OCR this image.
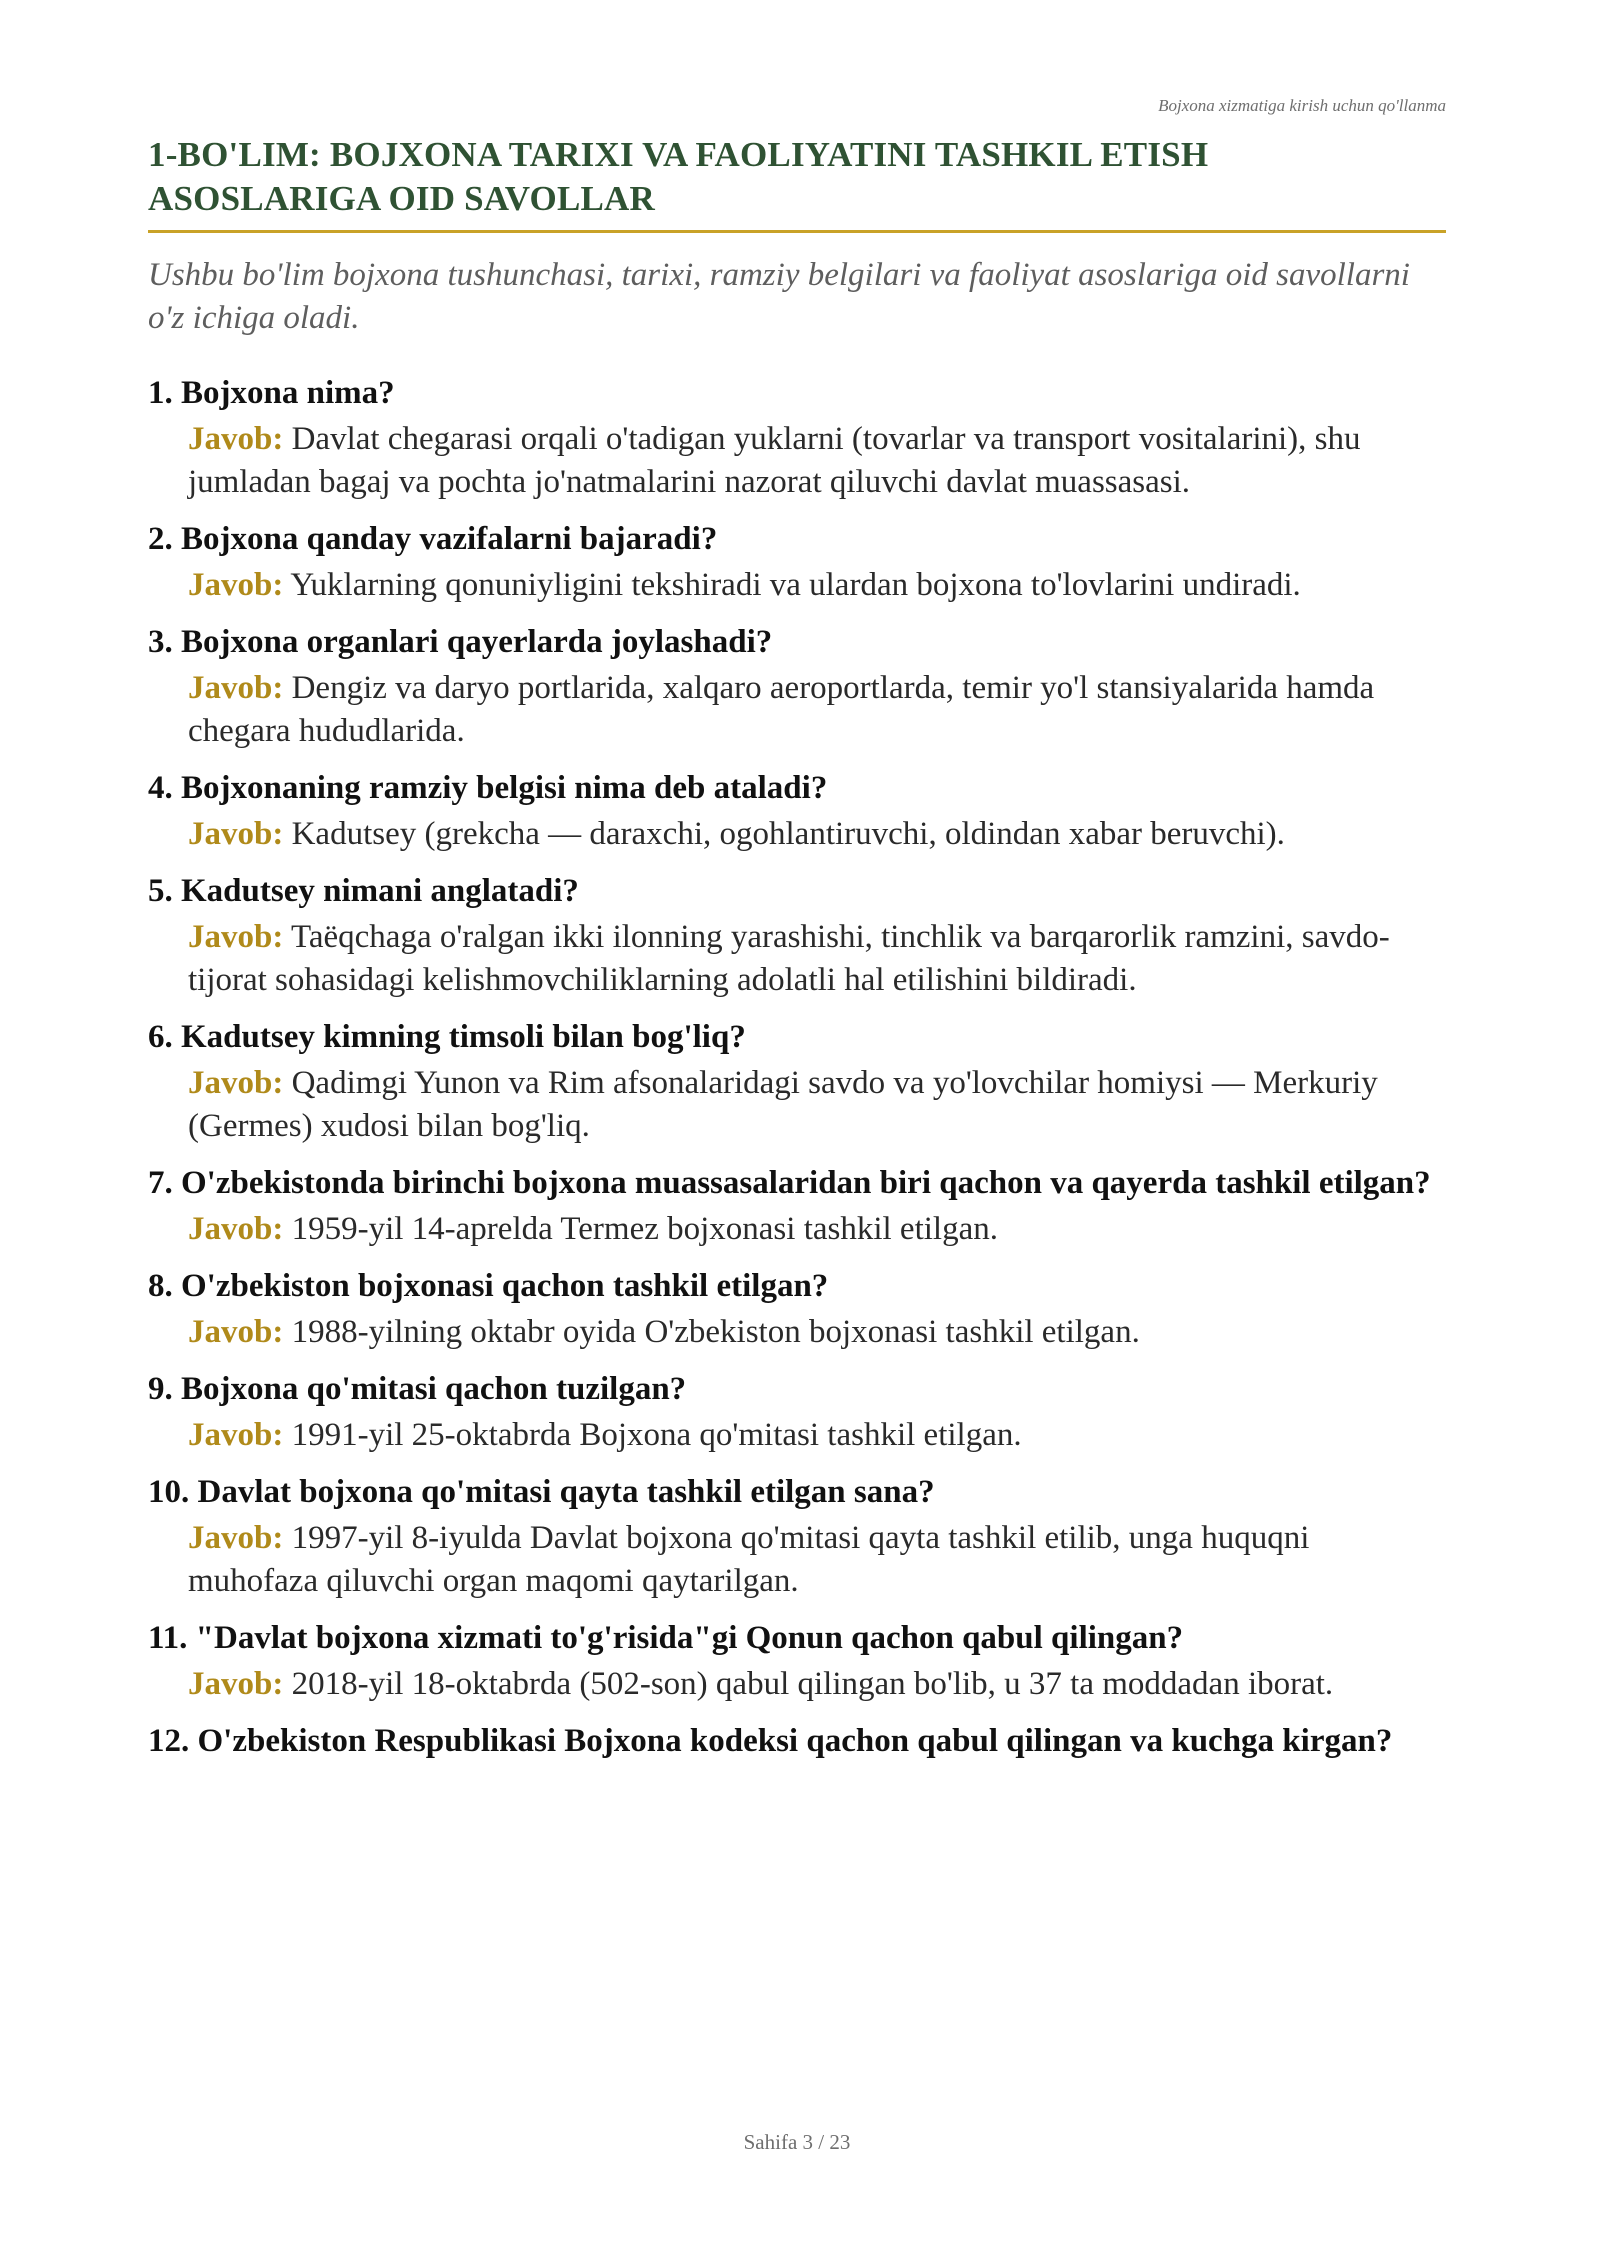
Bojxona xizmatiga kirish uchun qo'llanma
1-BO'LIM: BOJXONA TARIXI VA FAOLIYATINI TASHKIL ETISH ASOSLARIGA OID SAVOLLAR

Ushbu bo'lim bojxona tushunchasi, tarixi, ramziy belgilari va faoliyat asoslariga oid savollarni o'z ichiga oladi.

1. Bojxona nima?

Javob: Davlat chegarasi orqali o'tadigan yuklarni (tovarlar va transport vositalarini), shu jumladan bagaj va pochta jo'natmalarini nazorat qiluvchi davlat muassasasi.

2. Bojxona qanday vazifalarni bajaradi?

Javob: Yuklarning qonuniyligini tekshiradi va ulardan bojxona to'lovlarini undiradi.

3. Bojxona organlari qayerlarda joylashadi?

Javob: Dengiz va daryo portlarida, xalqaro aeroportlarda, temir yo'l stansiyalarida hamda chegara hududlarida.

4. Bojxonaning ramziy belgisi nima deb ataladi?

Javob: Kadutsey (grekcha — daraxchi, ogohlantiruvchi, oldindan xabar beruvchi).

5. Kadutsey nimani anglatadi?

Javob: Taëqchaga o'ralgan ikki ilonning yarashishi, tinchlik va barqarorlik ramzini, savdo-tijorat sohasidagi kelishmovchiliklarning adolatli hal etilishini bildiradi.

6. Kadutsey kimning timsoli bilan bog'liq?

Javob: Qadimgi Yunon va Rim afsonalaridagi savdo va yo'lovchilar homiysi — Merkuriy (Germes) xudosi bilan bog'liq.

7. O'zbekistonda birinchi bojxona muassasalaridan biri qachon va qayerda tashkil etilgan?

Javob: 1959-yil 14-aprelda Termez bojxonasi tashkil etilgan.

8. O'zbekiston bojxonasi qachon tashkil etilgan?

Javob: 1988-yilning oktabr oyida O'zbekiston bojxonasi tashkil etilgan.

9. Bojxona qo'mitasi qachon tuzilgan?

Javob: 1991-yil 25-oktabrda Bojxona qo'mitasi tashkil etilgan.

10. Davlat bojxona qo'mitasi qayta tashkil etilgan sana?

Javob: 1997-yil 8-iyulda Davlat bojxona qo'mitasi qayta tashkil etilib, unga huquqni muhofaza qiluvchi organ maqomi qaytarilgan.

11. "Davlat bojxona xizmati to'g'risida"gi Qonun qachon qabul qilingan?

Javob: 2018-yil 18-oktabrda (502-son) qabul qilingan bo'lib, u 37 ta moddadan iborat.

12. O'zbekiston Respublikasi Bojxona kodeksi qachon qabul qilingan va kuchga kirgan?

Sahifa 3 / 23
